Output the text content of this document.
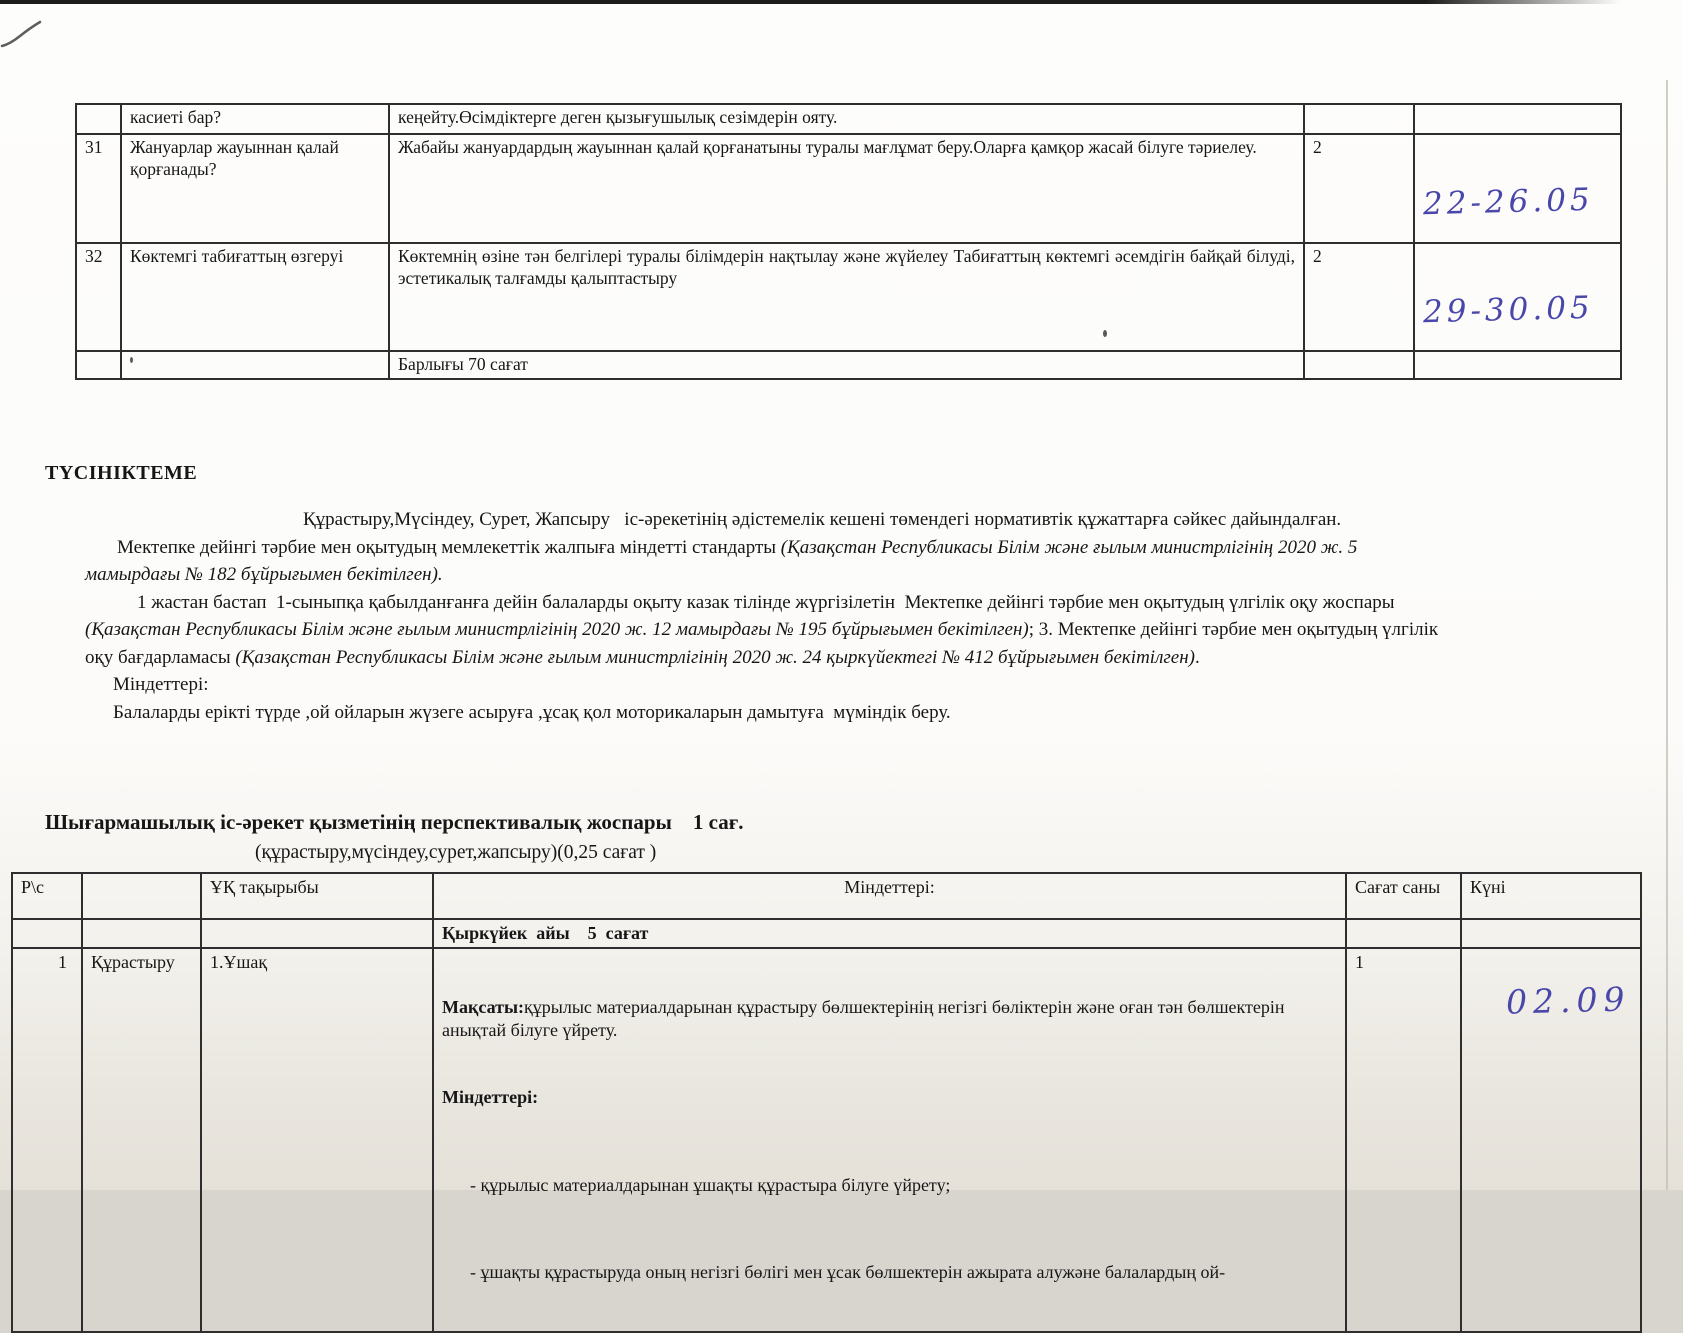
	касиеті бар?	кеңейту.Өсімдіктерге деген қызығушылық сезімдерін ояту.		
31	Жануарлар жауыннан қалай қорғанады?	Жабайы жануардардың жауыннан қалай қорғанатыны туралы мағлұмат беру.Оларға қамқор жасай білуге тәриелеу.	2	22-26.05

32	Көктемгі табиғаттың өзгеруі	Көктемнің өзіне тән белгілері туралы білімдерін нақтылау және жүйелеу Табиғаттың көктемгі әсемдігін байқай білуді, эстетикалық талғамды қалыптастыру	2	29-30.05

		Барлығы 70 сағат		
ТҮСІНІКТЕМЕ
Құрастыру,Мүсіндеу, Сурет, Жапсыру   іс-әрекетінің әдістемелік кешені төмендегі нормативтік құжаттарға сәйкес дайындалған.
Мектепке дейінгі тәрбие мен оқытудың мемлекеттік жалпыға міндетті стандарты (Қазақстан Республикасы Білім және ғылым министрлігінің 2020 ж. 5
мамырдағы № 182 бұйрығымен бекітілген).
1 жастан бастап  1-сыныпқа қабылданғанға дейін балаларды оқыту казак тілінде жүргізілетін  Мектепке дейінгі тәрбие мен оқытудың үлгілік оқу жоспары
(Қазақстан Республикасы Білім және ғылым министрлігінің 2020 ж. 12 мамырдағы № 195 бұйрығымен бекітілген); 3. Мектепке дейінгі тәрбие мен оқытудың үлгілік
оқу бағдарламасы (Қазақстан Республикасы Білім және ғылым министрлігінің 2020 ж. 24 қыркүйектегі № 412 бұйрығымен бекітілген).
Міндеттері:
Балаларды ерікті түрде ,ой ойларын жүзеге асыруға ,ұсақ қол моторикаларын дамытуға  мүміндік беру.
Шығармашылық іс-әрекет қызметінің перспективалық жоспары    1 сағ.
(құрастыру,мүсіндеу,сурет,жапсыру)(0,25 сағат )
Р\с		ҰҚ тақырыбы	Міндеттері:	Сағат саны	Күні
			Қыркүйек  айы    5  сағат		
1	Құрастыру	1.Ұшақ	Мақсаты:құрылыс материалдарынан құрастыру бөлшектерінің негізгі бөліктерін және оған тән бөлшектерін анықтай білуге үйрету.

Міндеттері:

- құрылыс материалдарынан ұшақты құрастыра білуге үйрету;

- ұшақты құрастыруда оның негізгі бөлігі мен ұсак бөлшектерін ажырата алужәне балалардың ой-	1	02.09
